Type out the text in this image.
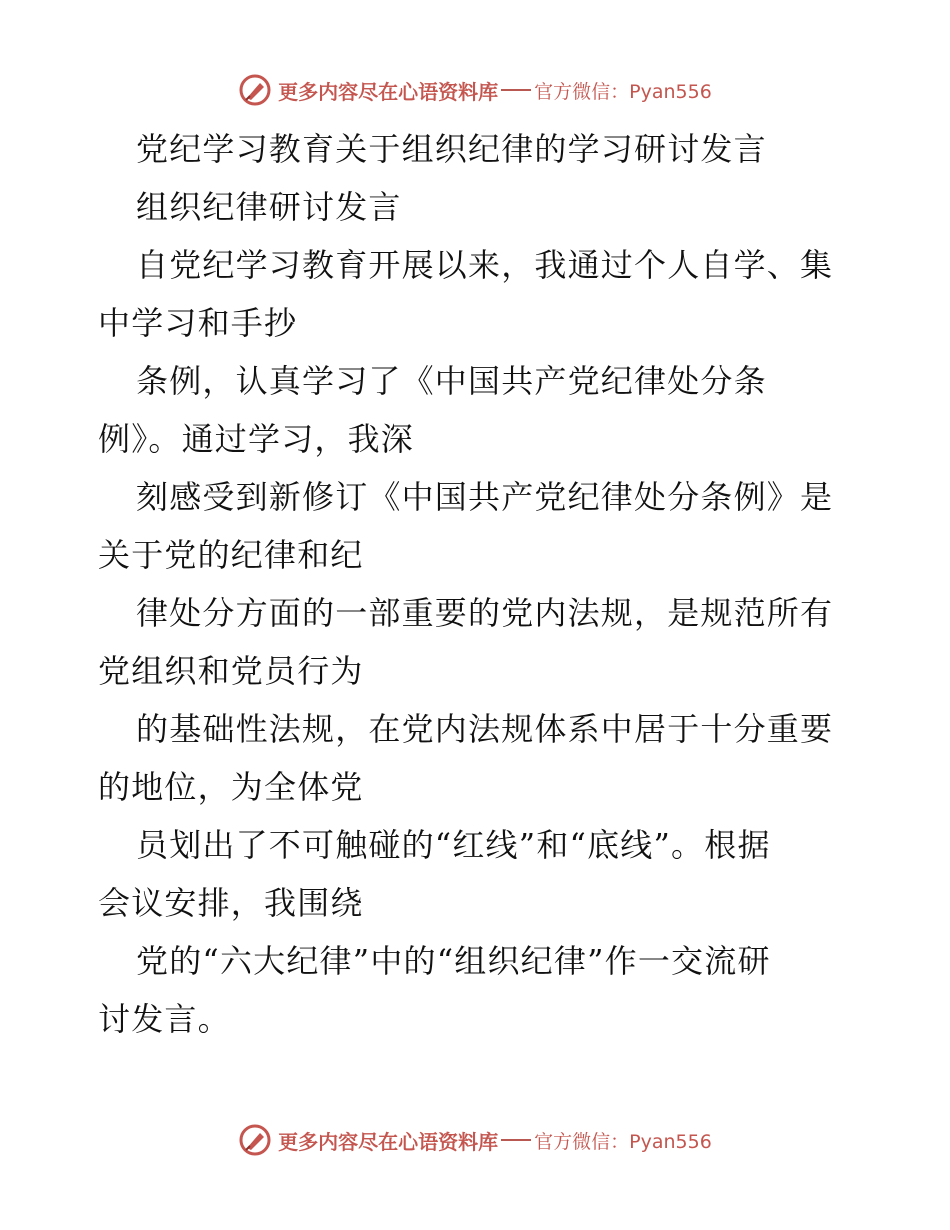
更多内容尽在心语资料库 官方微信：Pyan556
党纪学习教育关于组织纪律的学习研讨发言
组织纪律研讨发言
自党纪学习教育开展以来，我通过个人自学、集
中学习和手抄
条例，认真学习了《中国共产党纪律处分条
例》。通过学习，我深
刻感受到新修订《中国共产党纪律处分条例》是
关于党的纪律和纪
律处分方面的一部重要的党内法规，是规范所有
党组织和党员行为
的基础性法规，在党内法规体系中居于十分重要
的地位，为全体党
员划出了不可触碰的“红线”和“底线”。根据
会议安排，我围绕
党的“六大纪律”中的“组织纪律”作一交流研
讨发言。
更多内容尽在心语资料库 官方微信：Pyan556
